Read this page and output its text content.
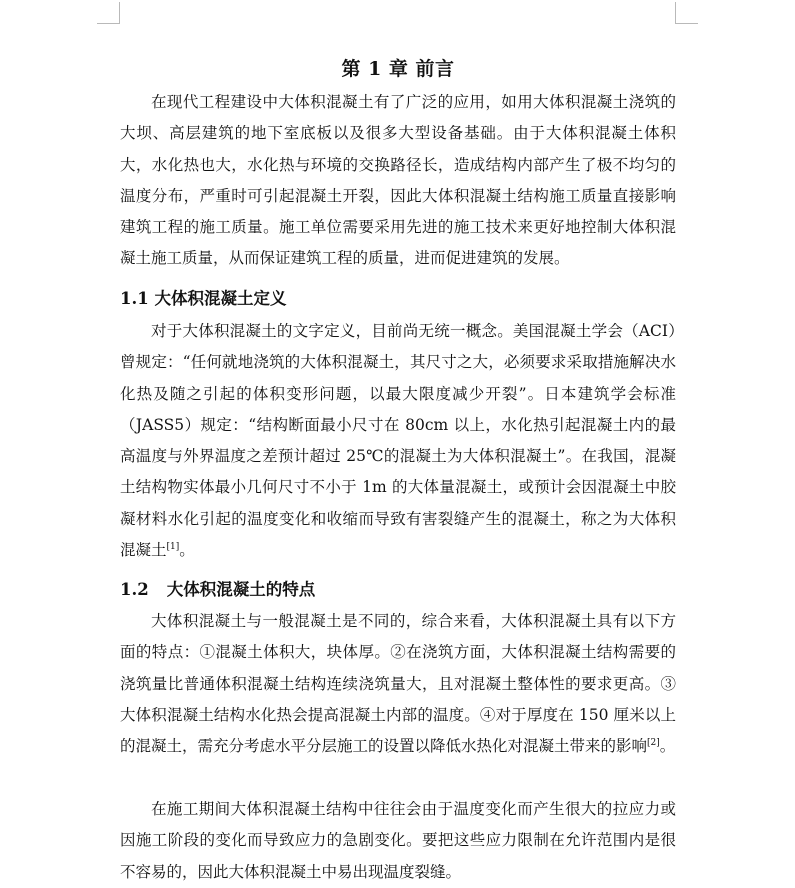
第 1 章 前言

在现代工程建设中大体积混凝土有了广泛的应用，如用大体积混凝土浇筑的大坝、高层建筑的地下室底板以及很多大型设备基础。由于大体积混凝土体积大，水化热也大，水化热与环境的交换路径长，造成结构内部产生了极不均匀的温度分布，严重时可引起混凝土开裂，因此大体积混凝土结构施工质量直接影响建筑工程的施工质量。施工单位需要采用先进的施工技术来更好地控制大体积混凝土施工质量，从而保证建筑工程的质量，进而促进建筑的发展。

1.1 大体积混凝土定义

对于大体积混凝土的文字定义，目前尚无统一概念。美国混凝土学会（ACI）曾规定：“任何就地浇筑的大体积混凝土，其尺寸之大，必须要求采取措施解决水化热及随之引起的体积变形问题，以最大限度减少开裂”。日本建筑学会标准（JASS5）规定：“结构断面最小尺寸在 80cm 以上，水化热引起混凝土内的最高温度与外界温度之差预计超过 25℃的混凝土为大体积混凝土”。在我国，混凝土结构物实体最小几何尺寸不小于 1m 的大体量混凝土，或预计会因混凝土中胶凝材料水化引起的温度变化和收缩而导致有害裂缝产生的混凝土，称之为大体积混凝土[1]。

1.2 大体积混凝土的特点

大体积混凝土与一般混凝土是不同的，综合来看，大体积混凝土具有以下方面的特点：①混凝土体积大，块体厚。②在浇筑方面，大体积混凝土结构需要的浇筑量比普通体积混凝土结构连续浇筑量大，且对混凝土整体性的要求更高。③大体积混凝土结构水化热会提高混凝土内部的温度。④对于厚度在 150 厘米以上的混凝土，需充分考虑水平分层施工的设置以降低水热化对混凝土带来的影响[2]。

在施工期间大体积混凝土结构中往往会由于温度变化而产生很大的拉应力或因施工阶段的变化而导致应力的急剧变化。要把这些应力限制在允许范围内是很不容易的，因此大体积混凝土中易出现温度裂缝。
